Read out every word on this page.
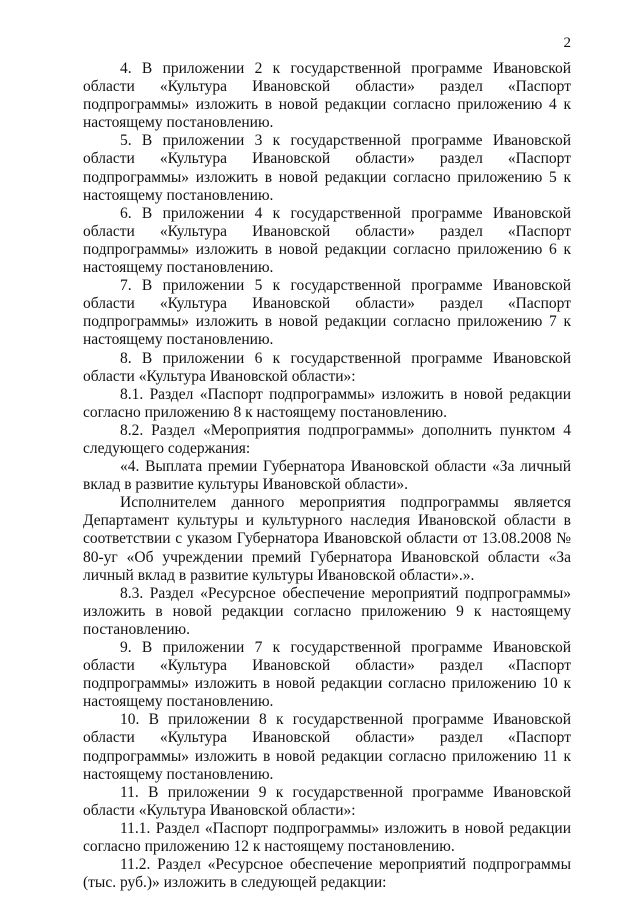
2

4. В приложении 2 к государственной программе Ивановской области «Культура Ивановской области» раздел «Паспорт подпрограммы» изложить в новой редакции согласно приложению 4 к настоящему постановлению.

5. В приложении 3 к государственной программе Ивановской области «Культура Ивановской области» раздел «Паспорт подпрограммы» изложить в новой редакции согласно приложению 5 к настоящему постановлению.

6. В приложении 4 к государственной программе Ивановской области «Культура Ивановской области» раздел «Паспорт подпрограммы» изложить в новой редакции согласно приложению 6 к настоящему постановлению.

7. В приложении 5 к государственной программе Ивановской области «Культура Ивановской области» раздел «Паспорт подпрограммы» изложить в новой редакции согласно приложению 7 к настоящему постановлению.

8. В приложении 6 к государственной программе Ивановской области «Культура Ивановской области»:

8.1. Раздел «Паспорт подпрограммы» изложить в новой редакции согласно приложению 8 к настоящему постановлению.

8.2. Раздел «Мероприятия подпрограммы» дополнить пунктом 4 следующего содержания:

«4. Выплата премии Губернатора Ивановской области «За личный вклад в развитие культуры Ивановской области».

Исполнителем данного мероприятия подпрограммы является Департамент культуры и культурного наследия Ивановской области в соответствии с указом Губернатора Ивановской области от 13.08.2008 № 80-уг «Об учреждении премий Губернатора Ивановской области «За личный вклад в развитие культуры Ивановской области».».

8.3. Раздел «Ресурсное обеспечение мероприятий подпрограммы» изложить в новой редакции согласно приложению 9 к настоящему постановлению.

9. В приложении 7 к государственной программе Ивановской области «Культура Ивановской области» раздел «Паспорт подпрограммы» изложить в новой редакции согласно приложению 10 к настоящему постановлению.

10. В приложении 8 к государственной программе Ивановской области «Культура Ивановской области» раздел «Паспорт подпрограммы» изложить в новой редакции согласно приложению 11 к настоящему постановлению.

11. В приложении 9 к государственной программе Ивановской области «Культура Ивановской области»:

11.1. Раздел «Паспорт подпрограммы» изложить в новой редакции согласно приложению 12 к настоящему постановлению.

11.2. Раздел «Ресурсное обеспечение мероприятий подпрограммы (тыс. руб.)» изложить в следующей редакции:
